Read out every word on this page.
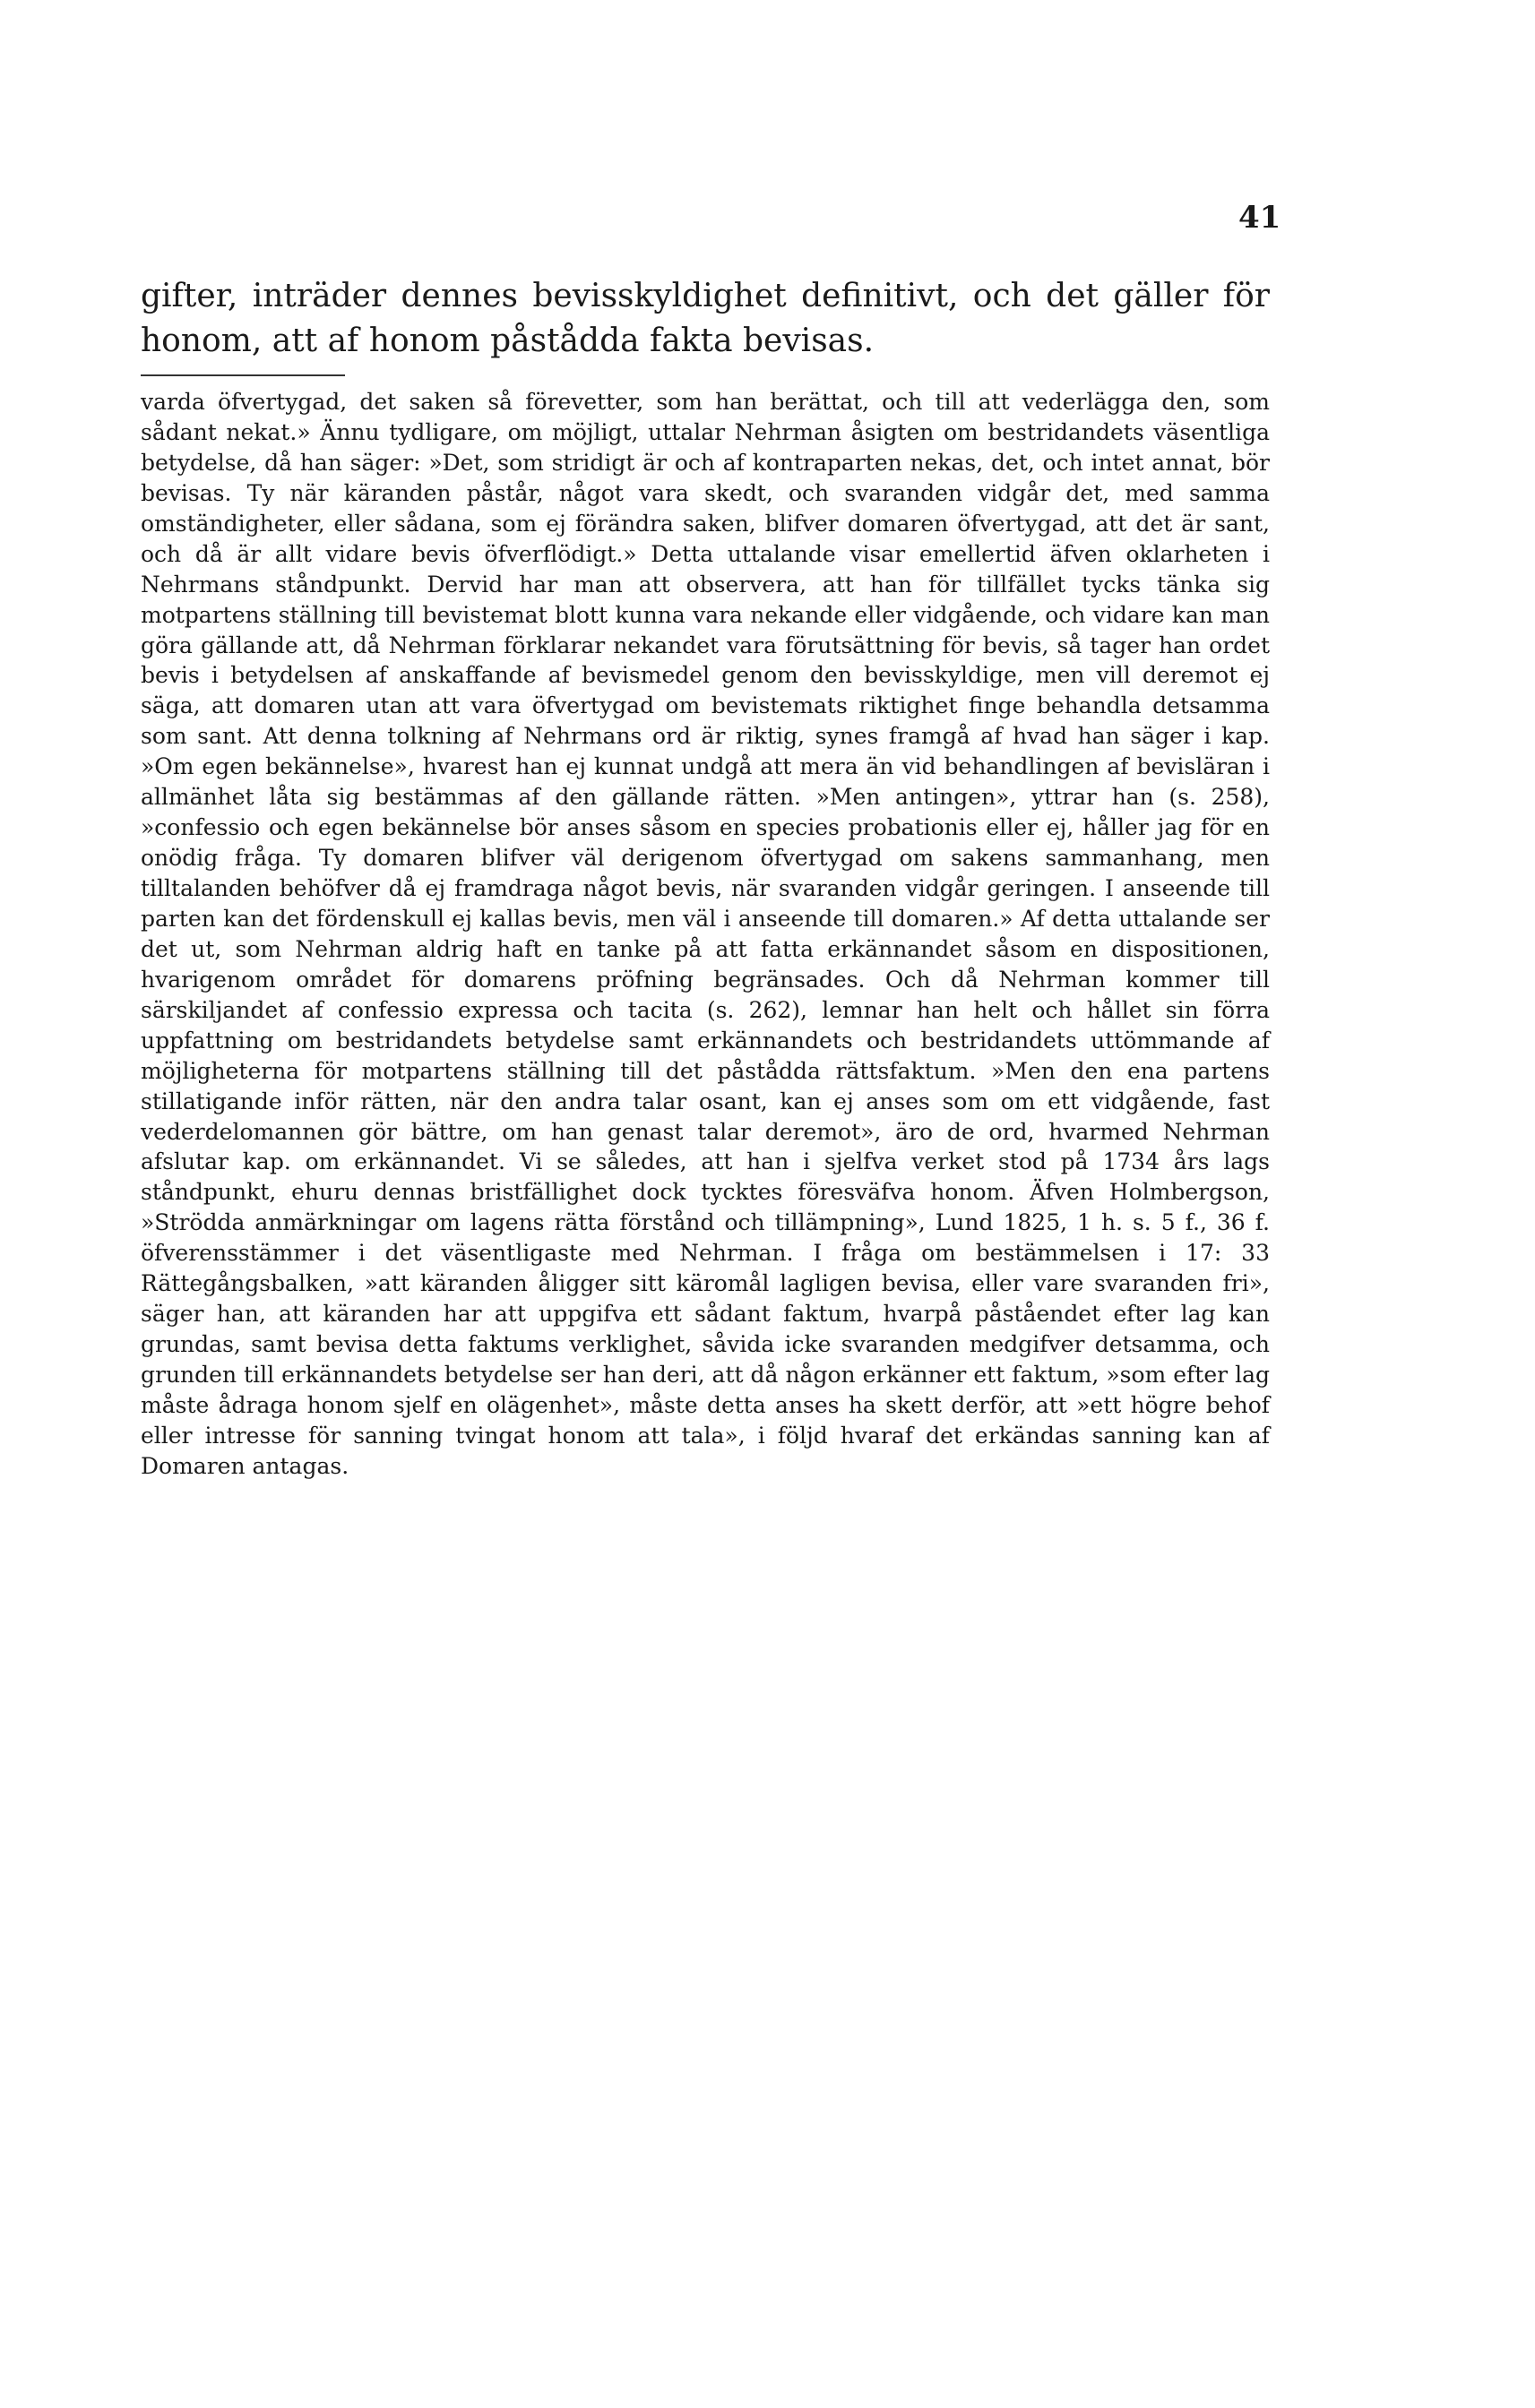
41

gifter, inträder dennes bevisskyldighet definitivt, och det gäller för honom, att af honom påstådda fakta bevisas.

varda öfvertygad, det saken så förevetter, som han berättat, och till att vederlägga den, som sådant nekat.» Ännu tydligare, om möjligt, uttalar Nehrman åsigten om bestridandets väsentliga betydelse, då han säger: »Det, som stridigt är och af kontraparten nekas, det, och intet annat, bör bevisas. Ty när käranden påstår, något vara skedt, och svaranden vidgår det, med samma omständigheter, eller sådana, som ej förändra saken, blifver domaren öfvertygad, att det är sant, och då är allt vidare bevis öfverflödigt.» Detta uttalande visar emellertid äfven oklarheten i Nehrmans ståndpunkt. Dervid har man att observera, att han för tillfället tycks tänka sig motpartens ställning till bevistemat blott kunna vara nekande eller vidgående, och vidare kan man göra gällande att, då Nehrman förklarar nekandet vara förutsättning för bevis, så tager han ordet bevis i betydelsen af anskaffande af bevismedel genom den bevisskyldige, men vill deremot ej säga, att domaren utan att vara öfvertygad om bevistemats riktighet finge behandla detsamma som sant. Att denna tolkning af Nehrmans ord är riktig, synes framgå af hvad han säger i kap. »Om egen bekännelse», hvarest han ej kunnat undgå att mera än vid behandlingen af bevisläran i allmänhet låta sig bestämmas af den gällande rätten. »Men antingen», yttrar han (s. 258), »confessio och egen bekännelse bör anses såsom en species probationis eller ej, håller jag för en onödig fråga. Ty domaren blifver väl derigenom öfvertygad om sakens sammanhang, men tilltalanden behöfver då ej framdraga något bevis, när svaranden vidgår geringen. I anseende till parten kan det fördenskull ej kallas bevis, men väl i anseende till domaren.» Af detta uttalande ser det ut, som Nehrman aldrig haft en tanke på att fatta erkännandet såsom en dispositionen, hvarigenom området för domarens pröfning begränsades. Och då Nehrman kommer till särskiljandet af confessio expressa och tacita (s. 262), lemnar han helt och hållet sin förra uppfattning om bestridandets betydelse samt erkännandets och bestridandets uttömmande af möjligheterna för motpartens ställning till det påstådda rättsfaktum. »Men den ena partens stillatigande inför rätten, när den andra talar osant, kan ej anses som om ett vidgående, fast vederdelomannen gör bättre, om han genast talar deremot», äro de ord, hvarmed Nehrman afslutar kap. om erkännandet. Vi se således, att han i sjelfva verket stod på 1734 års lags ståndpunkt, ehuru dennas bristfällighet dock tycktes föresväfva honom. Äfven Holmbergson, »Strödda anmärkningar om lagens rätta förstånd och tillämpning», Lund 1825, 1 h. s. 5 f., 36 f. öfverensstämmer i det väsentligaste med Nehrman. I fråga om bestämmelsen i 17: 33 Rättegångsbalken, »att käranden åligger sitt käromål lagligen bevisa, eller vare svaranden fri», säger han, att käranden har att uppgifva ett sådant faktum, hvarpå påståendet efter lag kan grundas, samt bevisa detta faktums verklighet, såvida icke svaranden medgifver detsamma, och grunden till erkännandets betydelse ser han deri, att då någon erkänner ett faktum, »som efter lag måste ådraga honom sjelf en olägenhet», måste detta anses ha skett derför, att »ett högre behof eller intresse för sanning tvingat honom att tala», i följd hvaraf det erkändas sanning kan af Domaren antagas.
